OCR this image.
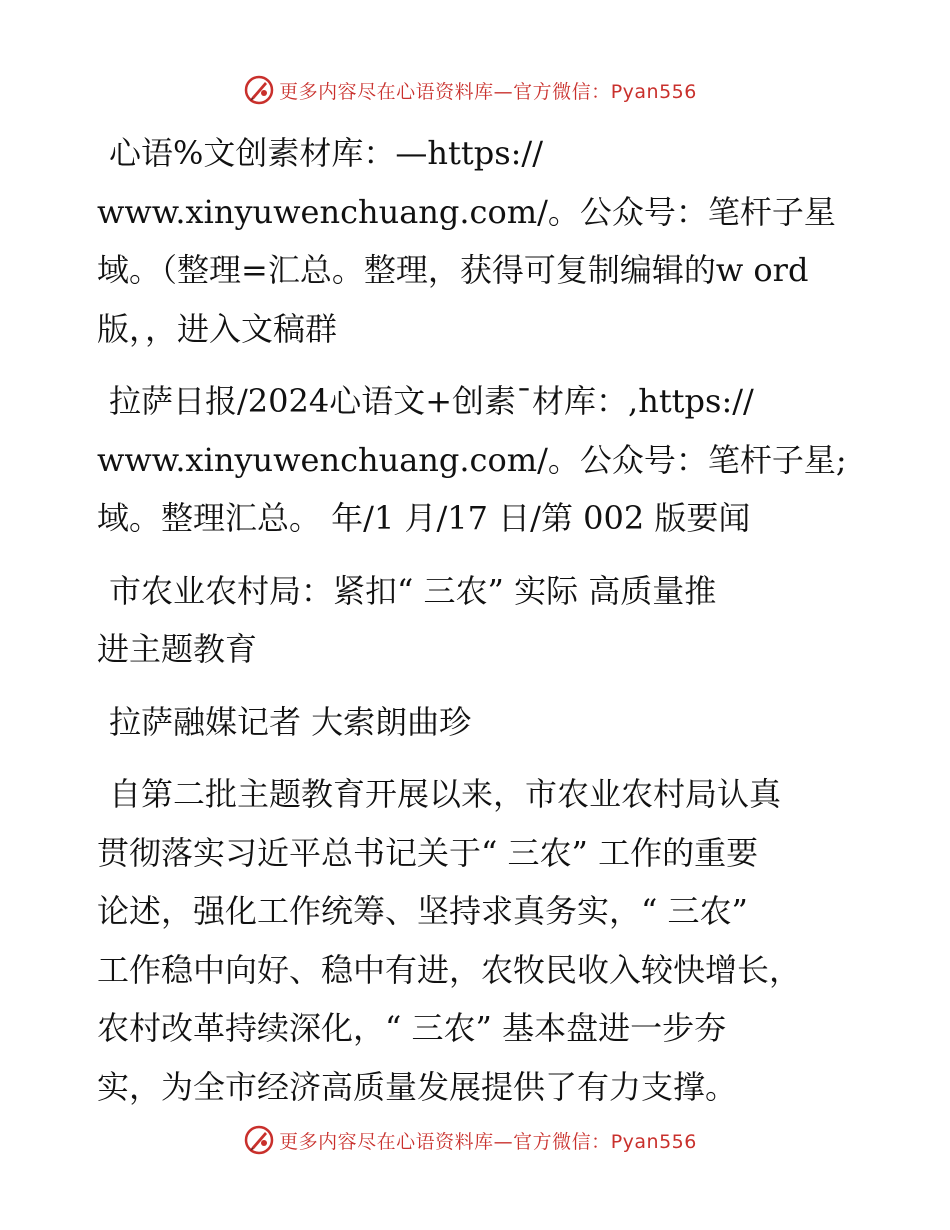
更多内容尽在心语资料库—官方微信：Pyan556

心语%文创素材库：—https://
www.xinyuwenchuang.com/。公众号：笔杆子星
域。（整理=汇总。整理，获得可复制编辑的w ord
版，，进入文稿群

拉萨日报/2024心语文+创素¯材库：,https://
www.xinyuwenchuang.com/。公众号：笔杆子星;
域。整理汇总。 年/1 月/17 日/第 002 版要闻

市农业农村局：紧扣“ 三农” 实际 高质量推
进主题教育

拉萨融媒记者 大索朗曲珍

自第二批主题教育开展以来，市农业农村局认真
贯彻落实习近平总书记关于“ 三农” 工作的重要
论述，强化工作统筹、坚持求真务实，“ 三农”
工作稳中向好、稳中有进，农牧民收入较快增长，
农村改革持续深化，“ 三农” 基本盘进一步夯
实，为全市经济高质量发展提供了有力支撑。

更多内容尽在心语资料库—官方微信：Pyan556
